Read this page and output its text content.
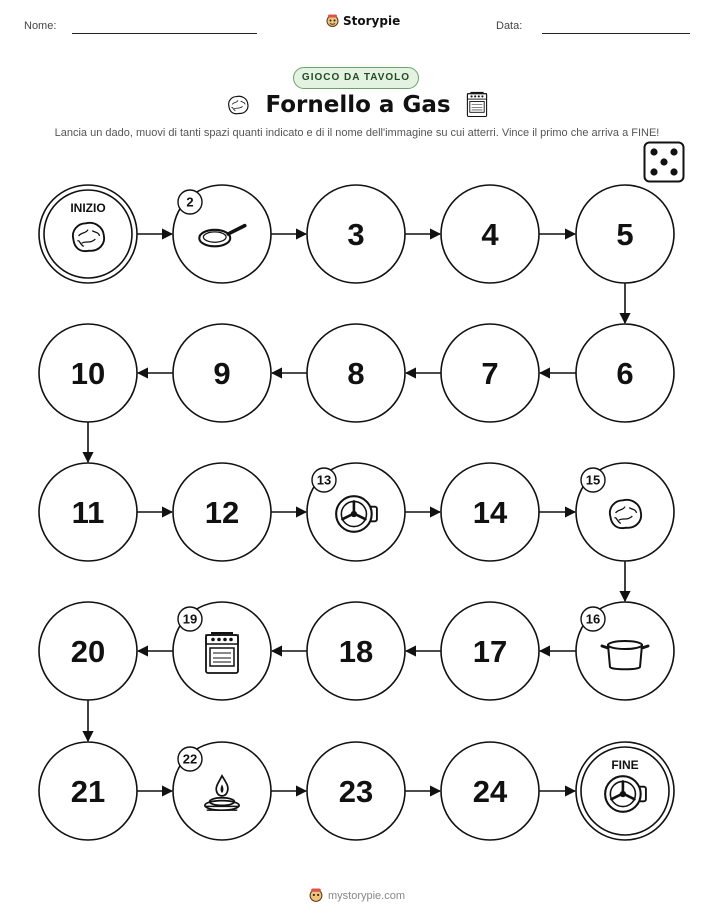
Nome:	Storypie	Data:
GIOCO DA TAVOLO
Fornello a Gas
Lancia un dado, muovi di tanti spazi quanti indicato e di il nome dell'immagine su cui atterri. Vince il primo che arriva a FINE!
INIZIO	2
3	4	5
6
7
8
9
10
11	12
13
14
15
16
17
18
19
20
21
22
23	24
FINE
mystorypie.com
